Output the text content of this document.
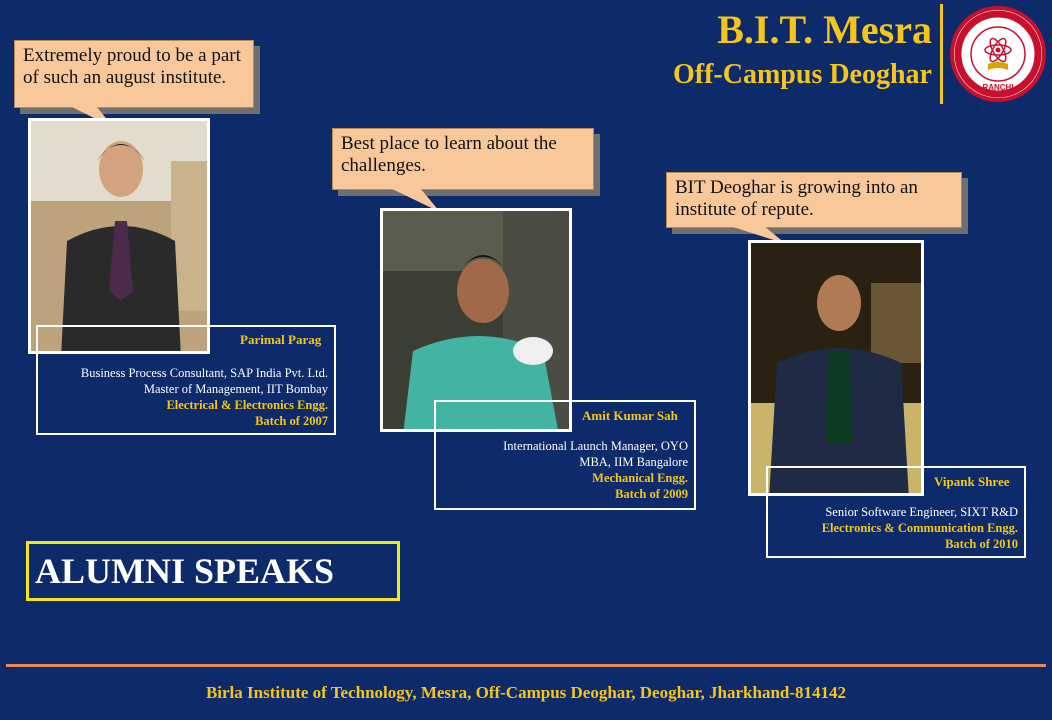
B.I.T. Mesra
Off-Campus Deoghar	RANCHI
Extremely proud to be a part of such an august institute.
Parimal Parag
Business Process Consultant, SAP India Pvt. Ltd.
Master of Management, IIT Bombay
Electrical & Electronics Engg.
Batch of 2007
Best place to learn about the challenges.
Amit Kumar Sah
International Launch Manager, OYO
MBA, IIM Bangalore
Mechanical Engg.
Batch of 2009
BIT Deoghar is growing into an institute of repute.
Vipank Shree
Senior Software Engineer, SIXT R&D
Electronics & Communication Engg.
Batch of 2010
ALUMNI SPEAKS
Birla Institute of Technology, Mesra, Off-Campus Deoghar, Deoghar, Jharkhand-814142
